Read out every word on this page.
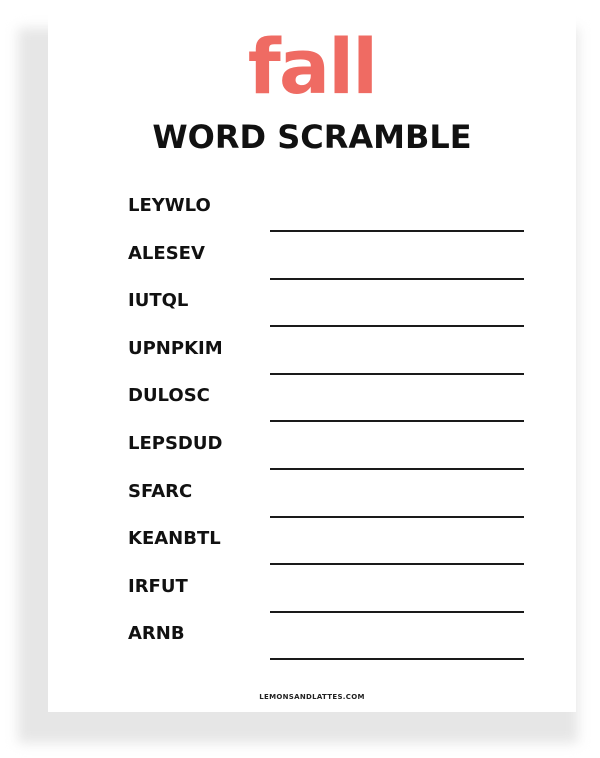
fall
WORD SCRAMBLE
LEYWLO
ALESEV
IUTQL
UPNPKIM
DULOSC
LEPSDUD
SFARC
KEANBTL
IRFUT
ARNB
LEMONSANDLATTES.COM
